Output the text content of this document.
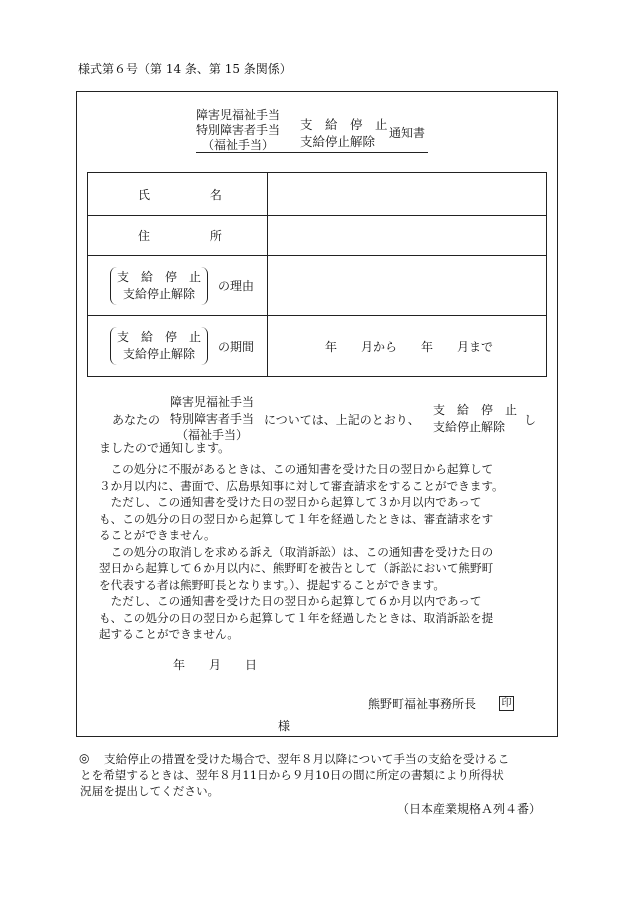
様式第６号（第 14 条、第 15 条関係）
障害児福祉手当
特別障害者手当
（福祉手当）
支　給　停　止
支給停止解除
通知書
氏 名	
住 所	

支　給　停　止
支給停止解除
の理由	

支　給　停　止
支給停止解除
の期間	年　　月から　　年　　月まで
あなたの
障害児福祉手当
特別障害者手当
（福祉手当）
については、上記のとおり、
支　給　停　止
支給停止解除	し
ましたので通知します。
　この処分に不服があるときは、この通知書を受けた日の翌日から起算して
３か月以内に、書面で、広島県知事に対して審査請求をすることができます。
　ただし、この通知書を受けた日の翌日から起算して３か月以内であって
も、この処分の日の翌日から起算して１年を経過したときは、審査請求をす
ることができません。
　この処分の取消しを求める訴え（取消訴訟）は、この通知書を受けた日の
翌日から起算して６か月以内に、熊野町を被告として（訴訟において熊野町
を代表する者は熊野町長となります。）、提起することができます。
　ただし、この通知書を受けた日の翌日から起算して６か月以内であって
も、この処分の日の翌日から起算して１年を経過したときは、取消訴訟を提
起することができません。
年　　月　　日
熊野町福祉事務所長	印
様
◎ 支給停止の措置を受けた場合で、翌年８月以降について手当の支給を受けるこ
とを希望するときは、翌年８月11日から９月10日の間に所定の書類により所得状
況届を提出してください。
（日本産業規格Ａ列４番）
